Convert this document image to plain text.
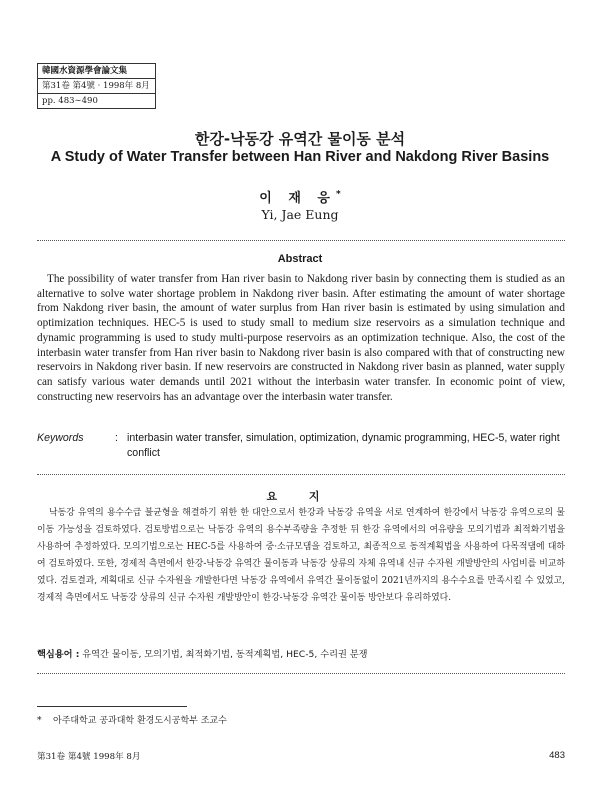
韓國水資源學會論文集
第31卷 第4號 · 1998年 8月
pp. 483∼490
한강-낙동강 유역간 물이동 분석
A Study of Water Transfer between Han River and Nakdong River Basins
이 재 응*
Yi, Jae Eung
Abstract

The possibility of water transfer from Han river basin to Nakdong river basin by connecting them is studied as an alternative to solve water shortage problem in Nakdong river basin. After estimating the amount of water shortage from Nakdong river basin, the amount of water surplus from Han river basin is estimated by using simulation and optimization techniques. HEC-5 is used to study small to medium size reservoirs as a simulation technique and dynamic programming is used to study multi-purpose reservoirs as an optimization technique. Also, the cost of the interbasin water transfer from Han river basin to Nakdong river basin is also compared with that of constructing new reservoirs in Nakdong river basin. If new reservoirs are constructed in Nakdong river basin as planned, water supply can satisfy various water demands until 2021 without the interbasin water transfer. In economic point of view, constructing new reservoirs has an advantage over the interbasin water transfer.

Keywords	: interbasin water transfer, simulation, optimization, dynamic programming, HEC-5, water right conflict
요 지

낙동강 유역의 용수수급 불균형을 해결하기 위한 한 대안으로서 한강과 낙동강 유역을 서로 연계하여 한강에서 낙동강 유역으로의 물이동 가능성을 검토하였다. 검토방법으로는 낙동강 유역의 용수부족량을 추정한 뒤 한강 유역에서의 여유량을 모의기법과 최적화기법을 사용하여 추정하였다. 모의기법으로는 HEC-5를 사용하여 중·소규모댐을 검토하고, 최종적으로 동적계획법을 사용하여 다목적댐에 대하여 검토하였다. 또한, 경제적 측면에서 한강-낙동강 유역간 물이동과 낙동강 상류의 자체 유역내 신규 수자원 개발방안의 사업비를 비교하였다. 검토결과, 계획대로 신규 수자원을 개발한다면 낙동강 유역에서 유역간 물이동없이 2021년까지의 용수수요를 만족시킬 수 있었고, 경제적 측면에서도 낙동강 상류의 신규 수자원 개발방안이 한강-낙동강 유역간 물이동 방안보다 유리하였다.

핵심용어 : 유역간 물이동, 모의기법, 최적화기법, 동적계획법, HEC-5, 수리권 분쟁
* 아주대학교 공과대학 환경도시공학부 조교수
第31卷 第4號 1998年 8月	483
